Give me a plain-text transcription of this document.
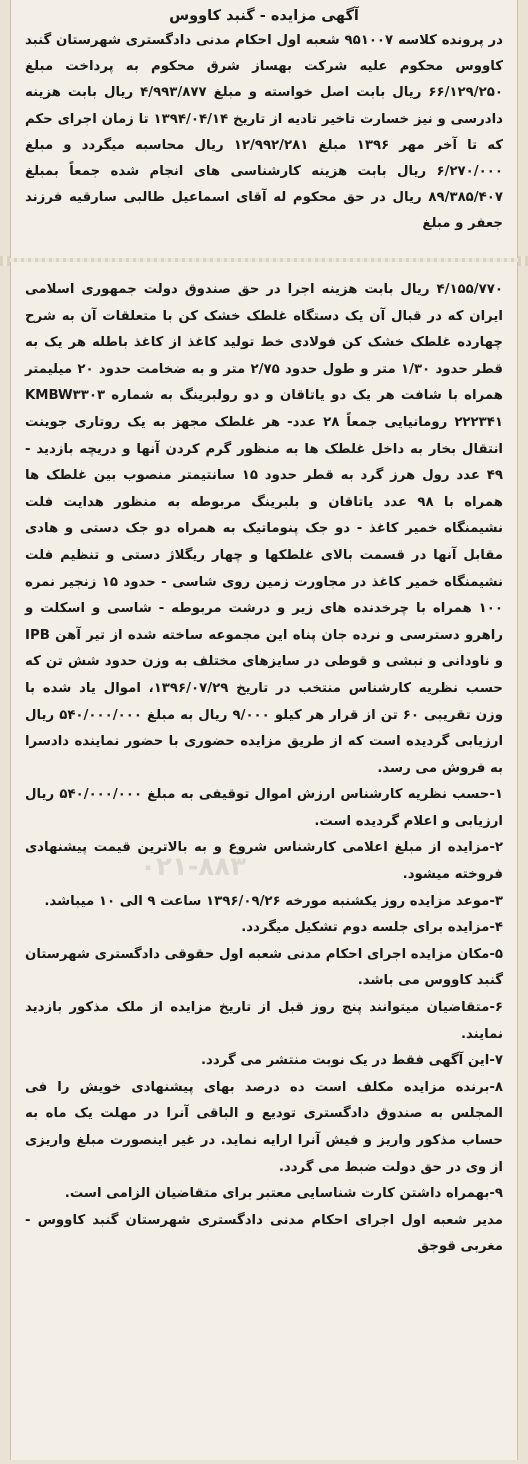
آگهی مزایده - گنبد کاووس

در پرونده کلاسه ۹۵۱۰۰۷ شعبه اول احکام مدنی دادگستری شهرستان گنبد کاووس محکوم علیه شرکت بهساز شرق محکوم به پرداخت مبلغ ۶۶/۱۲۹/۲۵۰ ریال بابت اصل خواسته و مبلغ ۴/۹۹۳/۸۷۷ ریال بابت هزینه دادرسی و نیز خسارت تاخیر تادیه از تاریخ ۱۳۹۴/۰۴/۱۴ تا زمان اجرای حکم که تا آخر مهر ۱۳۹۶ مبلغ ۱۲/۹۹۲/۲۸۱ ریال محاسبه میگردد و مبلغ ۶/۲۷۰/۰۰۰ ریال بابت هزینه کارشناسی های انجام شده جمعاً بمبلغ ۸۹/۳۸۵/۴۰۷ ریال در حق محکوم له آقای اسماعیل طالبی سارقیه فرزند جعفر و مبلغ

۴/۱۵۵/۷۷۰ ریال بابت هزینه اجرا در حق صندوق دولت جمهوری اسلامی ایران که در قبال آن یک دستگاه غلطک خشک کن با متعلقات آن به شرح چهارده غلطک خشک کن فولادی خط تولید کاغذ از کاغذ باطله هر یک به قطر حدود ۱/۳۰ متر و طول حدود ۲/۷۵ متر و به ضخامت حدود ۲۰ میلیمتر همراه با شافت هر یک دو یاتاقان و دو رولبرینگ به شماره KMBW۳۳۰۳ ۲۲۲۳۴۱ رومانیایی جمعاً ۲۸ عدد- هر غلطک مجهز به یک روتاری جوینت انتقال بخار به داخل غلطک ها به منظور گرم کردن آنها و دریچه بازدید - ۴۹ عدد رول هرز گرد به قطر حدود ۱۵ سانتیمتر منصوب بین غلطک ها همراه با ۹۸ عدد یاتاقان و بلبرینگ مربوطه به منظور هدایت فلت نشیمنگاه خمیر کاغذ - دو جک پنوماتیک به همراه دو جک دستی و هادی مقابل آنها در قسمت بالای غلطکها و چهار ریگلاژ دستی و تنظیم فلت نشیمنگاه خمیر کاغذ در مجاورت زمین روی شاسی - حدود ۱۵ زنجیر نمره ۱۰۰ همراه با چرخدنده های زیر و درشت مربوطه - شاسی و اسکلت و راهرو دسترسی و نرده جان پناه این مجموعه ساخته شده از تیر آهن IPB و ناودانی و نبشی و قوطی در سایزهای مختلف به وزن حدود شش تن که حسب نظریه کارشناس منتخب در تاریخ ۱۳۹۶/۰۷/۲۹، اموال یاد شده با وزن تقریبی ۶۰ تن از قرار هر کیلو ۹/۰۰۰ ریال به مبلغ ۵۴۰/۰۰۰/۰۰۰ ریال ارزیابی گردیده است که از طریق مزایده حضوری با حضور نماینده دادسرا به فروش می رسد.

۱-حسب نظریه کارشناس ارزش اموال توقیفی به مبلغ ۵۴۰/۰۰۰/۰۰۰ ریال ارزیابی و اعلام گردیده است.

۲-مزایده از مبلغ اعلامی کارشناس شروع و به بالاترین قیمت پیشنهادی فروخته میشود.

۳-موعد مزایده روز یکشنبه مورخه ۱۳۹۶/۰۹/۲۶ ساعت ۹ الی ۱۰ میباشد.

۴-مزایده برای جلسه دوم تشکیل میگردد.

۵-مکان مزایده اجرای احکام مدنی شعبه اول حقوقی دادگستری شهرستان گنبد کاووس می باشد.

۶-متقاضیان میتوانند پنج روز قبل از تاریخ مزایده از ملک مذکور بازدید نمایند.

۷-این آگهی فقط در یک نوبت منتشر می گردد.

۸-برنده مزایده مکلف است ده درصد بهای پیشنهادی خویش را فی المجلس به صندوق دادگستری تودیع و الباقی آنرا در مهلت یک ماه به حساب مذکور واریز و فیش آنرا ارایه نماید. در غیر اینصورت مبلغ واریزی از وی در حق دولت ضبط می گردد.

۹-بهمراه داشتن کارت شناسایی معتبر برای متقاضیان الزامی است.

مدیر شعبه اول اجرای احکام مدنی دادگستری شهرستان گنبد کاووس - مغربی قوجق

۰۲۱-۸۸۳
